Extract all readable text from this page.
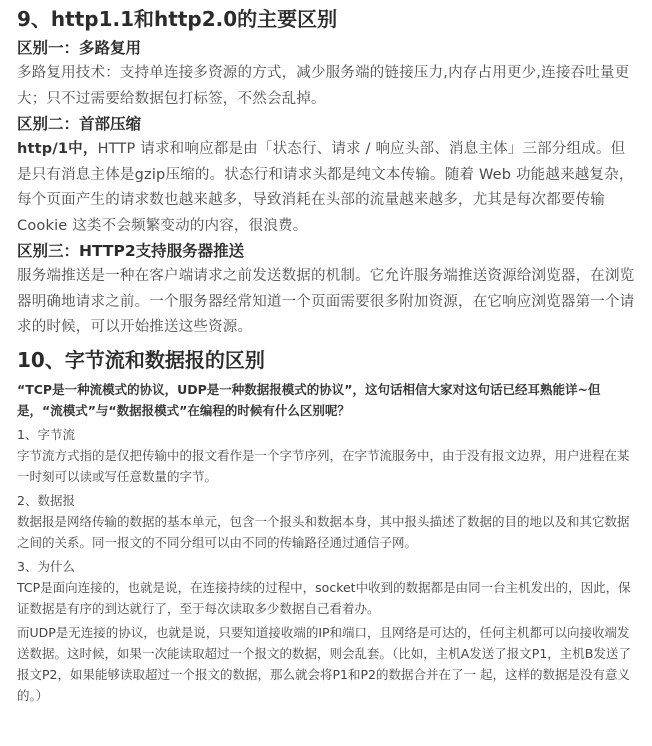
9、http1.1和http2.0的主要区别
区别一：多路复用

多路复用技术：支持单连接多资源的方式，减少服务端的链接压力,内存占用更少,连接吞吐量更大；只不过需要给数据包打标签，不然会乱掉。

区别二：首部压缩

http/1中，HTTP 请求和响应都是由「状态行、请求 / 响应头部、消息主体」三部分组成。但是只有消息主体是gzip压缩的。状态行和请求头都是纯文本传输。随着 Web 功能越来越复杂，每个页面产生的请求数也越来越多，导致消耗在头部的流量越来越多，尤其是每次都要传输Cookie 这类不会频繁变动的内容，很浪费。

区别三：HTTP2支持服务器推送

服务端推送是一种在客户端请求之前发送数据的机制。它允许服务端推送资源给浏览器，在浏览器明确地请求之前。一个服务器经常知道一个页面需要很多附加资源，在它响应浏览器第一个请求的时候，可以开始推送这些资源。

10、字节流和数据报的区别

“TCP是一种流模式的协议，UDP是一种数据报模式的协议”，这句话相信大家对这句话已经耳熟能详~但是，“流模式”与“数据报模式”在编程的时候有什么区别呢？

1、字节流

字节流方式指的是仅把传输中的报文看作是一个字节序列，在字节流服务中，由于没有报文边界，用户进程在某一时刻可以读或写任意数量的字节。

2、数据报

数据报是网络传输的数据的基本单元，包含一个报头和数据本身，其中报头描述了数据的目的地以及和其它数据之间的关系。同一报文的不同分组可以由不同的传输路径通过通信子网。

3、为什么

TCP是面向连接的，也就是说，在连接持续的过程中，socket中收到的数据都是由同一台主机发出的，因此，保证数据是有序的到达就行了，至于每次读取多少数据自己看着办。

而UDP是无连接的协议，也就是说，只要知道接收端的IP和端口，且网络是可达的，任何主机都可以向接收端发送数据。这时候，如果一次能读取超过一个报文的数据，则会乱套。（比如，主机A发送了报文P1，主机B发送了报文P2，如果能够读取超过一个报文的数据，那么就会将P1和P2的数据合并在了一 起，这样的数据是没有意义的。）
